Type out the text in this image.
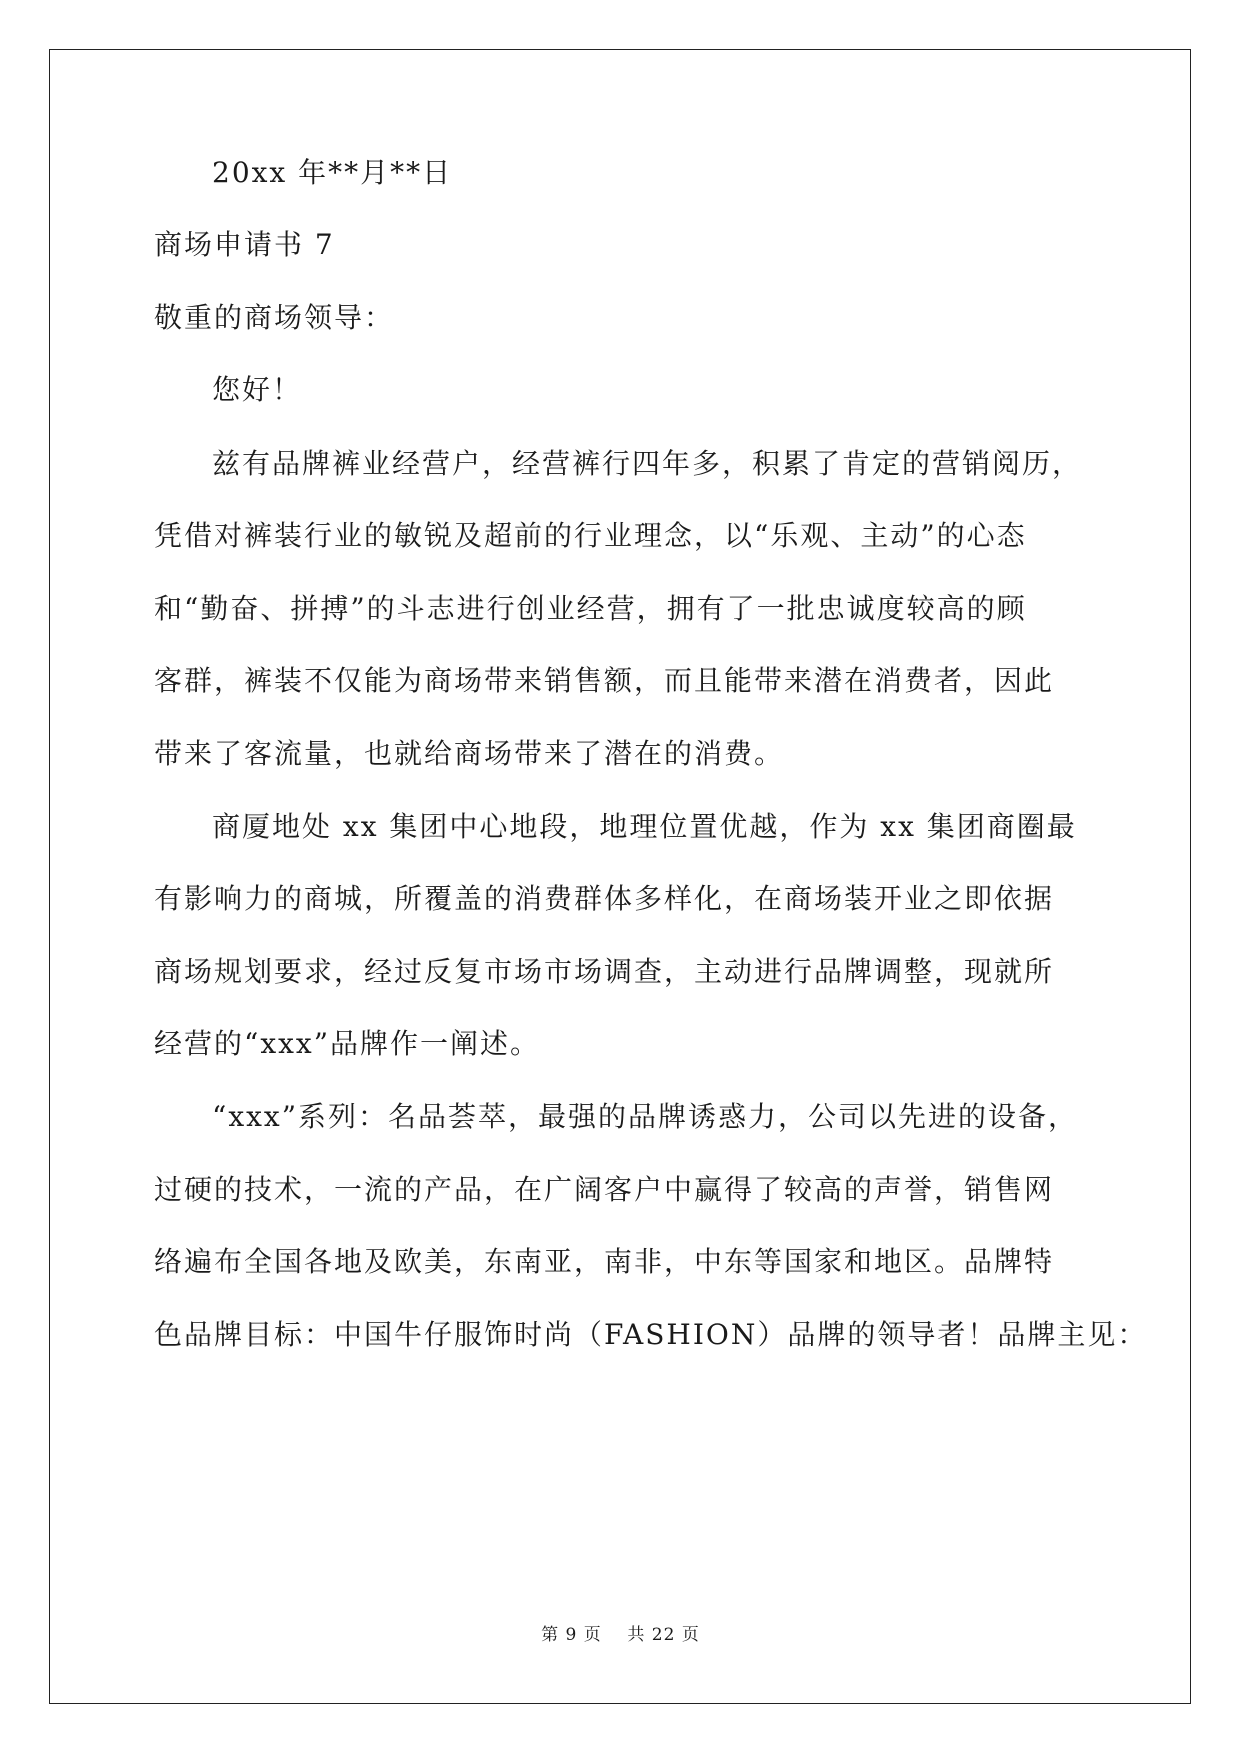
20xx 年**月**日
商场申请书 7
敬重的商场领导：
您好！
兹有品牌裤业经营户，经营裤行四年多，积累了肯定的营销阅历，
凭借对裤装行业的敏锐及超前的行业理念，以“乐观、主动”的心态
和“勤奋、拼搏”的斗志进行创业经营，拥有了一批忠诚度较高的顾
客群，裤装不仅能为商场带来销售额，而且能带来潜在消费者，因此
带来了客流量，也就给商场带来了潜在的消费。
商厦地处 xx 集团中心地段，地理位置优越，作为 xx 集团商圈最
有影响力的商城，所覆盖的消费群体多样化，在商场装开业之即依据
商场规划要求，经过反复市场市场调查，主动进行品牌调整，现就所
经营的“xxx”品牌作一阐述。
“xxx”系列：名品荟萃，最强的品牌诱惑力，公司以先进的设备，
过硬的技术，一流的产品，在广阔客户中赢得了较高的声誉，销售网
络遍布全国各地及欧美，东南亚，南非，中东等国家和地区。品牌特
色品牌目标：中国牛仔服饰时尚（FASHION）品牌的领导者！品牌主见：
第 9 页    共 22 页
